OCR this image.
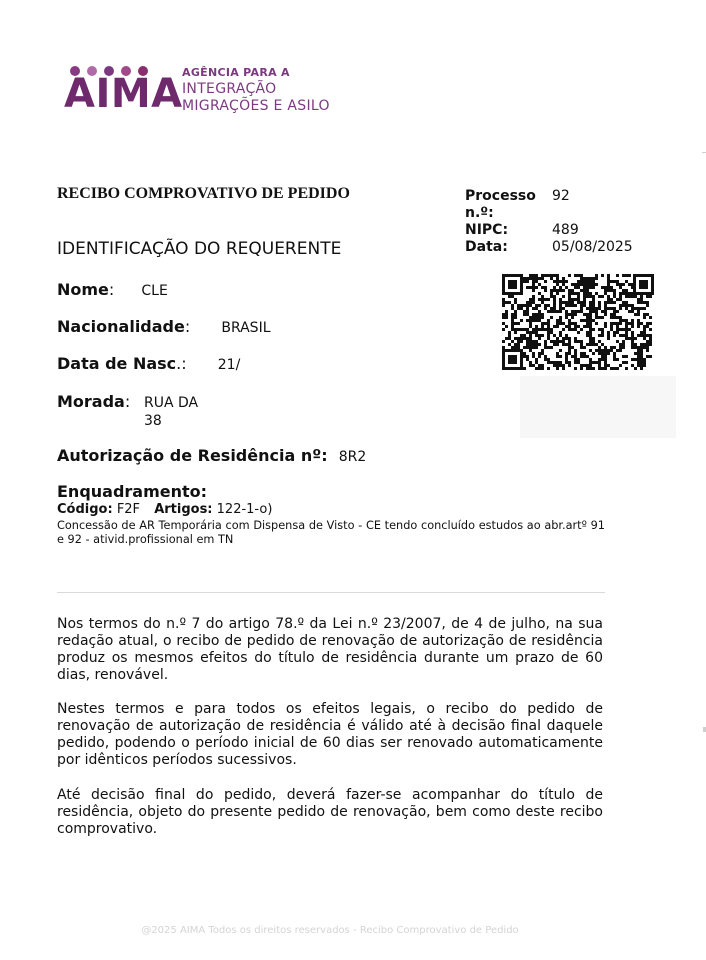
AIMA AGÊNCIA PARA A
INTEGRAÇÃO
MIGRAÇÕES E ASILO
RECIBO COMPROVATIVO DE PEDIDO	Processo n.º:
92
NIPC:	489
Data:	05/08/2025
IDENTIFICAÇÃO DO REQUERENTE
Nome: CLE
Nacionalidade: BRASIL
Data de Nasc.: 21/
Morada: RUA DA
38
Autorização de Residência nº: 8R2
Enquadramento:
Código: F2F Artigos: 122-1-o)
Concessão de AR Temporária com Dispensa de Visto - CE tendo concluído estudos ao abr.artº 91 e 92 - ativid.profissional em TN
Nos termos do n.º 7 do artigo 78.º da Lei n.º 23/2007, de 4 de julho, na sua redação atual, o recibo de pedido de renovação de autorização de residência produz os mesmos efeitos do título de residência durante um prazo de 60 dias, renovável.
Nestes termos e para todos os efeitos legais, o recibo do pedido de renovação de autorização de residência é válido até à decisão final daquele pedido, podendo o período inicial de 60 dias ser renovado automaticamente por idênticos períodos sucessivos.
Até decisão final do pedido, deverá fazer-se acompanhar do título de residência, objeto do presente pedido de renovação, bem como deste recibo comprovativo.
@2025 AIMA Todos os direitos reservados - Recibo Comprovativo de Pedido
